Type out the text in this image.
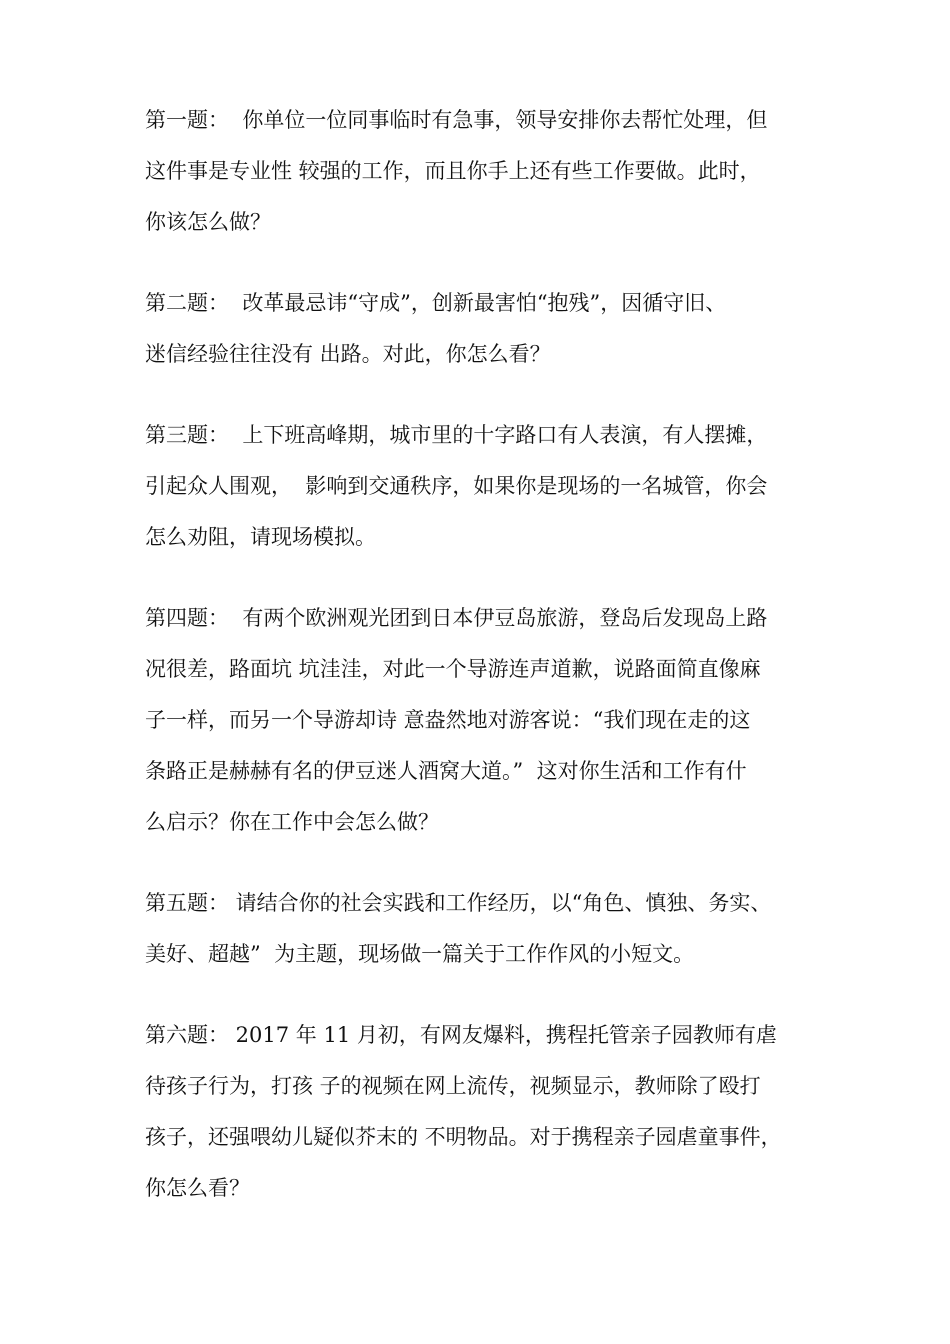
第一题：  你单位一位同事临时有急事，领导安排你去帮忙处理，但
这件事是专业性 较强的工作，而且你手上还有些工作要做。此时，
你该怎么做？
第二题：  改革最忌讳“守成”，创新最害怕“抱残”，因循守旧、
迷信经验往往没有 出路。对此，你怎么看？
第三题：  上下班高峰期，城市里的十字路口有人表演，有人摆摊，
引起众人围观，  影响到交通秩序，如果你是现场的一名城管，你会
怎么劝阻，请现场模拟。
第四题：  有两个欧洲观光团到日本伊豆岛旅游，登岛后发现岛上路
况很差，路面坑 坑洼洼，对此一个导游连声道歉，说路面简直像麻
子一样，而另一个导游却诗 意盎然地对游客说：“我们现在走的这
条路正是赫赫有名的伊豆迷人酒窝大道。”  这对你生活和工作有什
么启示？你在工作中会怎么做？
第五题： 请结合你的社会实践和工作经历，以“角色、慎独、务实、
美好、超越”  为主题，现场做一篇关于工作作风的小短文。
第六题： 2017 年 11 月初，有网友爆料，携程托管亲子园教师有虐
待孩子行为，打孩 子的视频在网上流传，视频显示，教师除了殴打
孩子，还强喂幼儿疑似芥末的 不明物品。对于携程亲子园虐童事件，
你怎么看？
